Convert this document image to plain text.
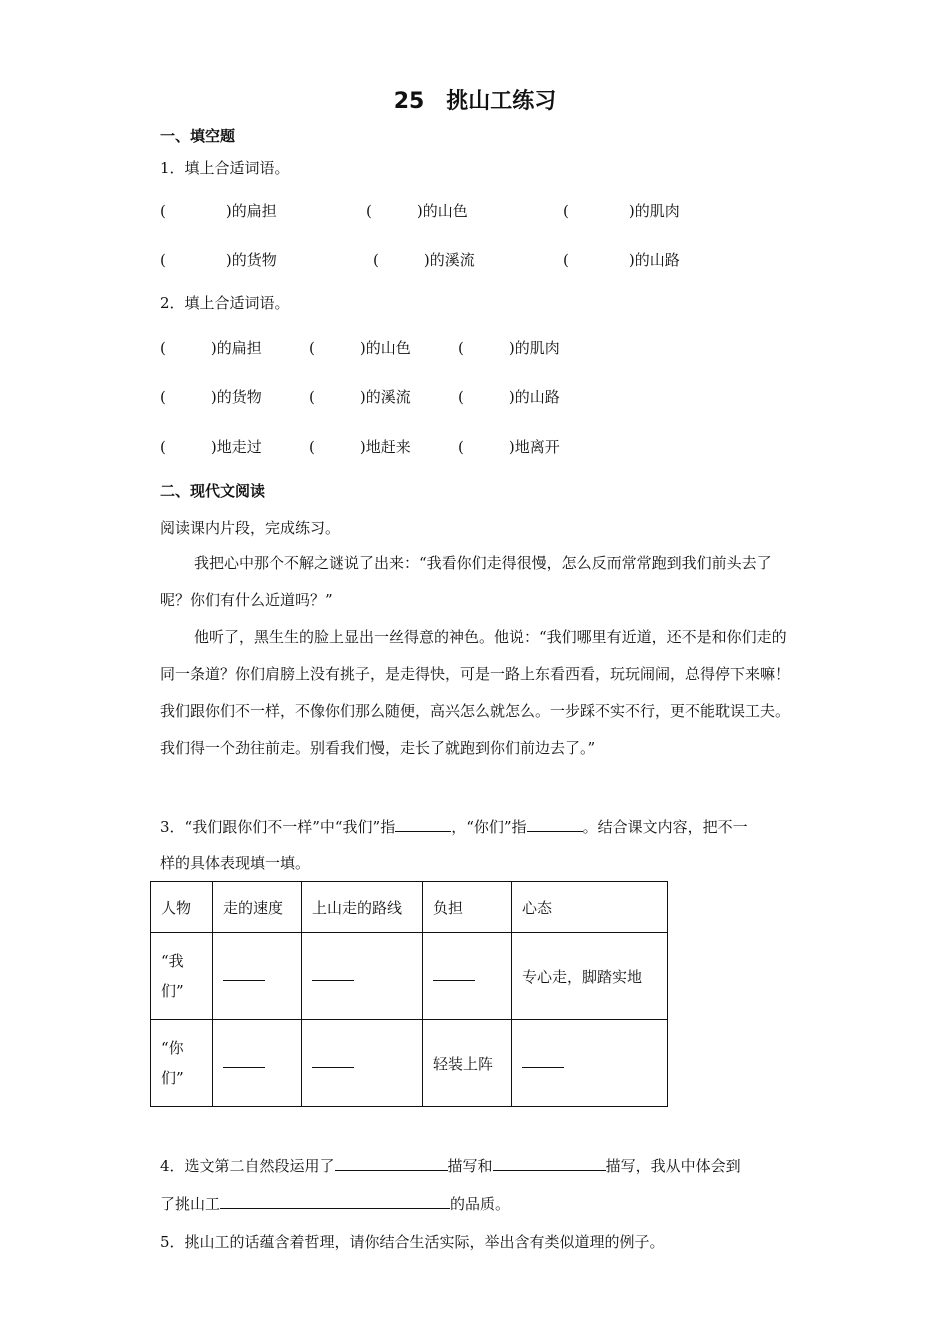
25　挑山工练习
一、填空题
1．填上合适词语。
(　　　　)的扁担	(　　　)的山色	(　　　　)的肌肉
(　　　　)的货物	(　　　)的溪流	(　　　　)的山路
2．填上合适词语。
(　　　)的扁担	(　　　)的山色	(　　　)的肌肉
(　　　)的货物	(　　　)的溪流	(　　　)的山路
(　　　)地走过	(　　　)地赶来	(　　　)地离开
二、现代文阅读
阅读课内片段，完成练习。
我把心中那个不解之谜说了出来：“我看你们走得很慢，怎么反而常常跑到我们前头去了呢？你们有什么近道吗？”
他听了，黑生生的脸上显出一丝得意的神色。他说：“我们哪里有近道，还不是和你们走的同一条道？你们肩膀上没有挑子，是走得快，可是一路上东看西看，玩玩闹闹，总得停下来嘛！我们跟你们不一样，不像你们那么随便，高兴怎么就怎么。一步踩不实不行，更不能耽误工夫。我们得一个劲往前走。别看我们慢，走长了就跑到你们前边去了。”
3．“我们跟你们不一样”中“我们”指	，“你们”指	。结合课文内容，把不一
样的具体表现填一填。
人物	走的速度	上山走的路线	负担	心态
“我们”				专心走，脚踏实地
“你们”			轻装上阵	
4．选文第二自然段运用了	描写和	描写，我从中体会到
了挑山工	的品质。
5．挑山工的话蕴含着哲理，请你结合生活实际，举出含有类似道理的例子。
